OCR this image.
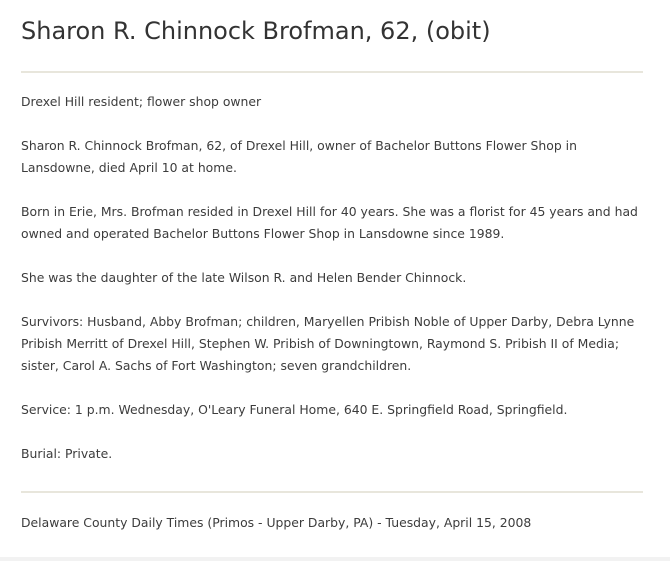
Sharon R. Chinnock Brofman, 62, (obit)

Drexel Hill resident; flower shop owner

Sharon R. Chinnock Brofman, 62, of Drexel Hill, owner of Bachelor Buttons Flower Shop in Lansdowne, died April 10 at home.

Born in Erie, Mrs. Brofman resided in Drexel Hill for 40 years. She was a florist for 45 years and had owned and operated Bachelor Buttons Flower Shop in Lansdowne since 1989.

She was the daughter of the late Wilson R. and Helen Bender Chinnock.

Survivors: Husband, Abby Brofman; children, Maryellen Pribish Noble of Upper Darby, Debra Lynne Pribish Merritt of Drexel Hill, Stephen W. Pribish of Downingtown, Raymond S. Pribish II of Media; sister, Carol A. Sachs of Fort Washington; seven grandchildren.

Service: 1 p.m. Wednesday, O'Leary Funeral Home, 640 E. Springfield Road, Springfield.

Burial: Private.

Delaware County Daily Times (Primos - Upper Darby, PA) - Tuesday, April 15, 2008
